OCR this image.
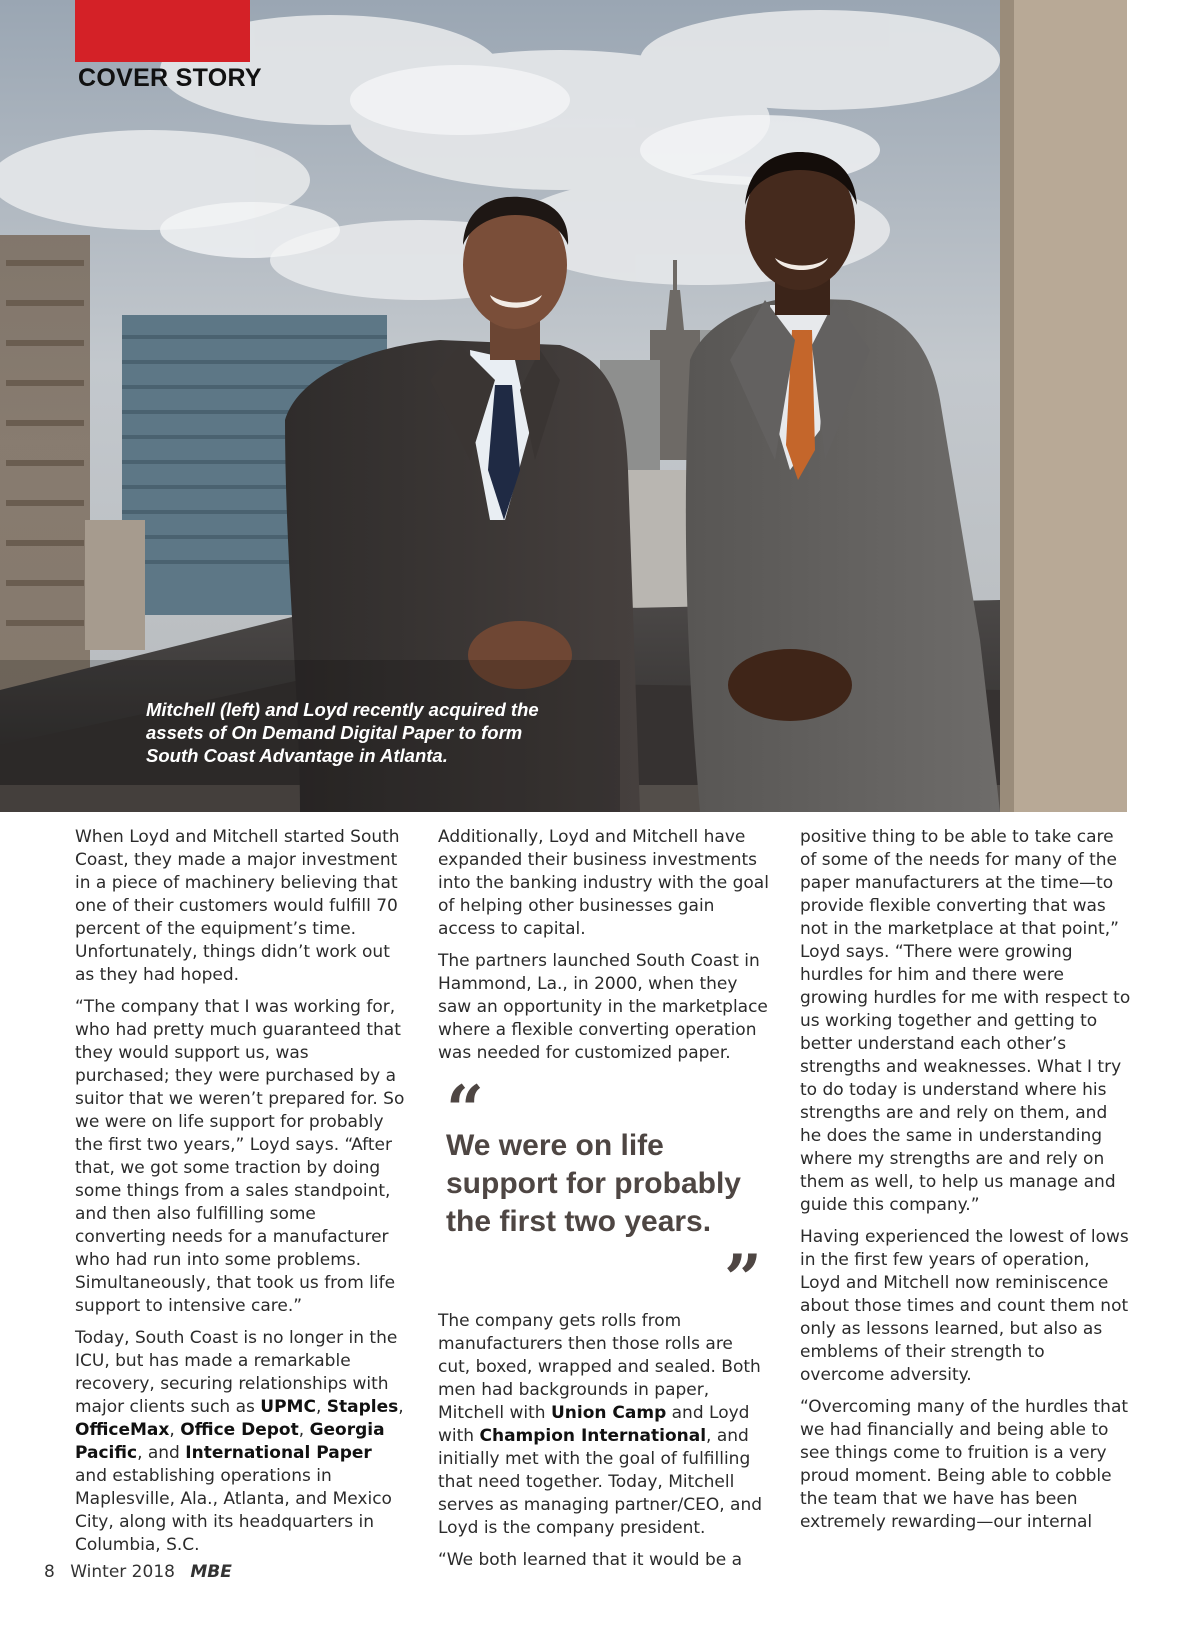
COVER STORY

Mitchell (left) and Loyd recently acquired the assets of On Demand Digital Paper to form South Coast Advantage in Atlanta.

When Loyd and Mitchell started South Coast, they made a major investment in a piece of machinery believing that one of their customers would fulfill 70 percent of the equipment’s time. Unfortunately, things didn’t work out as they had hoped.

“The company that I was working for, who had pretty much guaranteed that they would support us, was purchased; they were purchased by a suitor that we weren’t prepared for. So we were on life support for probably the first two years,” Loyd says. “After that, we got some traction by doing some things from a sales standpoint, and then also fulfilling some converting needs for a manufacturer who had run into some problems. Simultaneously, that took us from life support to intensive care.”

Today, South Coast is no longer in the ICU, but has made a remarkable recovery, securing relationships with major clients such as UPMC, Staples, OfficeMax, Office Depot, Georgia Pacific, and International Paper and establishing operations in Maplesville, Ala., Atlanta, and Mexico City, along with its headquarters in Columbia, S.C.

Additionally, Loyd and Mitchell have expanded their business investments into the banking industry with the goal of helping other businesses gain access to capital.

The partners launched South Coast in Hammond, La., in 2000, when they saw an opportunity in the marketplace where a flexible converting operation was needed for customized paper.

“

We were on life support for probably the first two years.

”

The company gets rolls from manufacturers then those rolls are cut, boxed, wrapped and sealed. Both men had backgrounds in paper, Mitchell with Union Camp and Loyd with Champion International, and initially met with the goal of fulfilling that need together. Today, Mitchell serves as managing partner/CEO, and Loyd is the company president.

“We both learned that it would be a

positive thing to be able to take care of some of the needs for many of the paper manufacturers at the time—to provide flexible converting that was not in the marketplace at that point,” Loyd says. “There were growing hurdles for him and there were growing hurdles for me with respect to us working together and getting to better understand each other’s strengths and weaknesses. What I try to do today is understand where his strengths are and rely on them, and he does the same in understanding where my strengths are and rely on them as well, to help us manage and guide this company.”

Having experienced the lowest of lows in the first few years of operation, Loyd and Mitchell now reminiscence about those times and count them not only as lessons learned, but also as emblems of their strength to overcome adversity.

“Overcoming many of the hurdles that we had financially and being able to see things come to fruition is a very proud moment. Being able to cobble the team that we have has been extremely rewarding—our internal

8 Winter 2018 MBE
